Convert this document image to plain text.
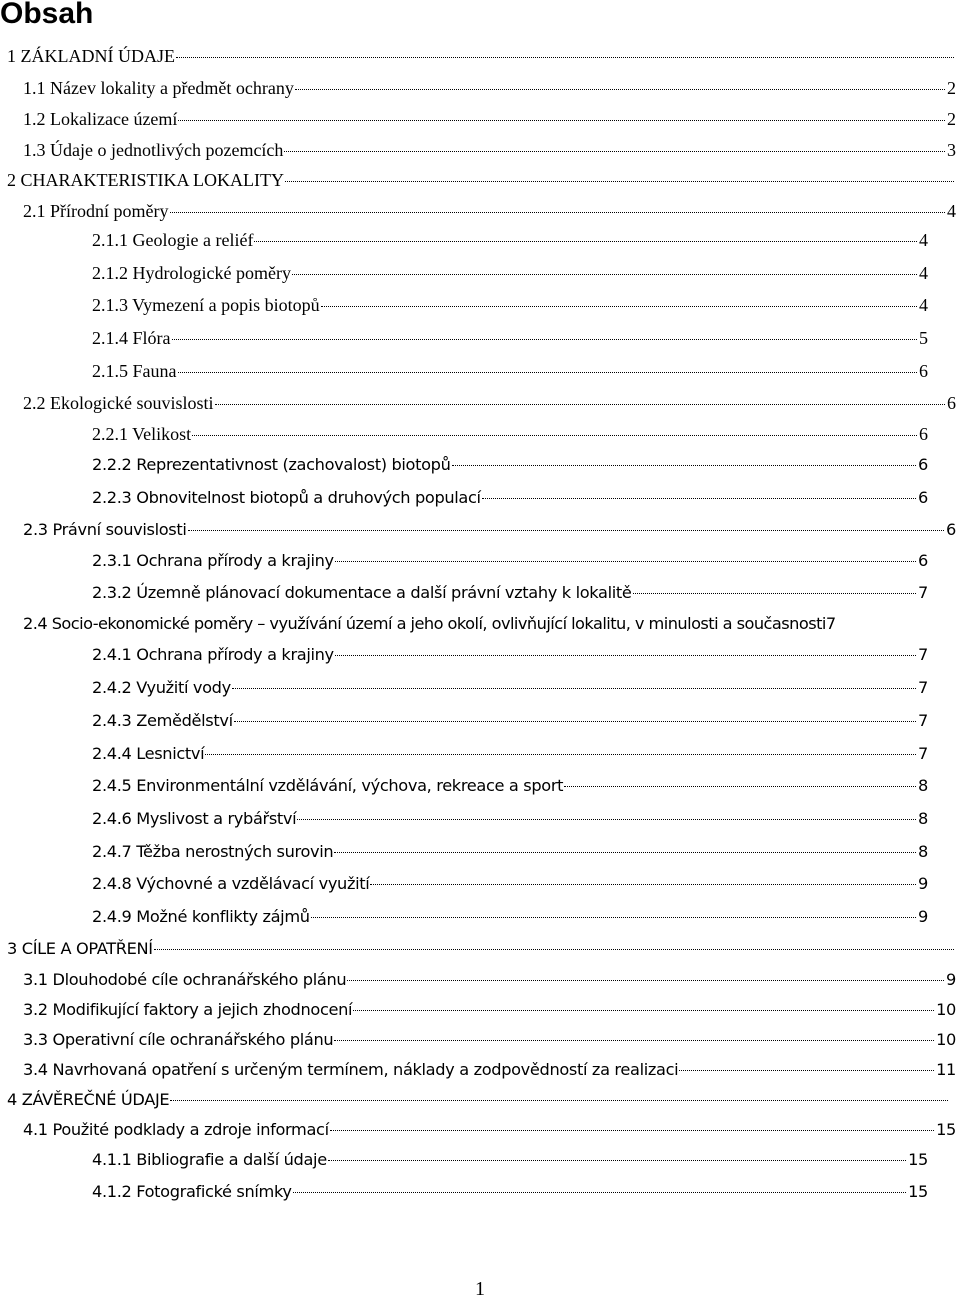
Obsah
1 ZÁKLADNÍ ÚDAJE
1.1 Název lokality a předmět ochrany	2
1.2 Lokalizace území	2
1.3 Údaje o jednotlivých pozemcích	3
2 CHARAKTERISTIKA LOKALITY
2.1 Přírodní poměry	4
2.1.1 Geologie a reliéf	4
2.1.2 Hydrologické poměry	4
2.1.3 Vymezení a popis biotopů	4
2.1.4 Flóra	5
2.1.5 Fauna	6
2.2 Ekologické souvislosti	6
2.2.1 Velikost	6
2.2.2 Reprezentativnost (zachovalost) biotopů	6
2.2.3 Obnovitelnost biotopů a druhových populací	6
2.3 Právní souvislosti	6
2.3.1 Ochrana přírody a krajiny	6
2.3.2 Územně plánovací dokumentace a další právní vztahy k lokalitě	7
2.4 Socio-ekonomické poměry – využívání území a jeho okolí, ovlivňující lokalitu, v minulosti a současnosti 7
2.4.1 Ochrana přírody a krajiny	7
2.4.2 Využití vody	7
2.4.3 Zemědělství	7
2.4.4 Lesnictví	7
2.4.5 Environmentální vzdělávání, výchova, rekreace a sport	8
2.4.6 Myslivost a rybářství	8
2.4.7 Těžba nerostných surovin	8
2.4.8 Výchovné a vzdělávací využití	9
2.4.9 Možné konflikty zájmů	9
3 CÍLE A OPATŘENÍ
3.1 Dlouhodobé cíle ochranářského plánu	9
3.2 Modifikující faktory a jejich zhodnocení	10
3.3 Operativní cíle ochranářského plánu	10
3.4 Navrhovaná opatření s určeným termínem, náklady a zodpovědností za realizaci	11
4 ZÁVĚREČNÉ ÚDAJE
4.1 Použité podklady a zdroje informací	15
4.1.1 Bibliografie a další údaje	15
4.1.2 Fotografické snímky	15
1
